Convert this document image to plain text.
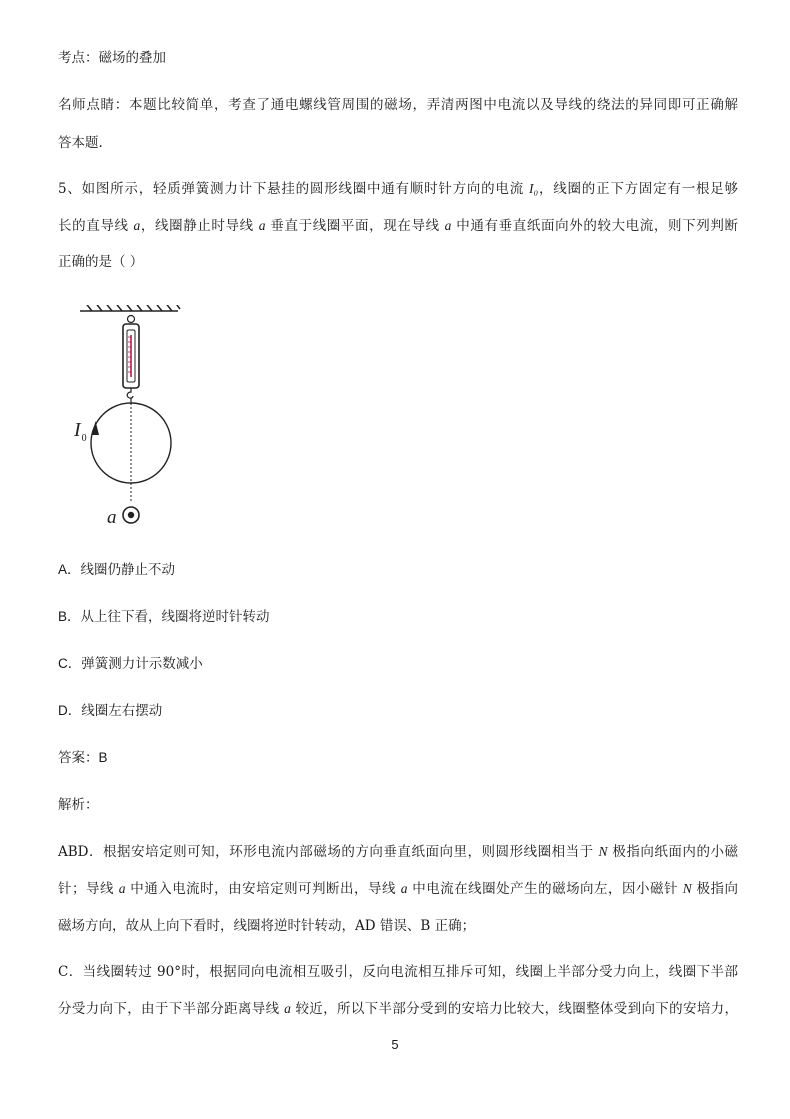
考点：磁场的叠加
名师点睛：本题比较简单，考查了通电螺线管周围的磁场，弄清两图中电流以及导线的绕法的异同即可正确解
答本题.
5、如图所示，轻质弹簧测力计下悬挂的圆形线圈中通有顺时针方向的电流 I₀，线圈的正下方固定有一根足够
长的直导线 a，线圈静止时导线 a 垂直于线圈平面，现在导线 a 中通有垂直纸面向外的较大电流，则下列判断
正确的是（ ）
$I_0$
a
A．线圈仍静止不动
B．从上往下看，线圈将逆时针转动
C．弹簧测力计示数减小
D．线圈左右摆动
答案：B
解析：
ABD．根据安培定则可知，环形电流内部磁场的方向垂直纸面向里，则圆形线圈相当于 N 极指向纸面内的小磁
针；导线 a 中通入电流时，由安培定则可判断出，导线 a 中电流在线圈处产生的磁场向左，因小磁针 N 极指向
磁场方向，故从上向下看时，线圈将逆时针转动，AD 错误、B 正确；
C．当线圈转过 90°时，根据同向电流相互吸引，反向电流相互排斥可知，线圈上半部分受力向上，线圈下半部
分受力向下，由于下半部分距离导线 a 较近，所以下半部分受到的安培力比较大，线圈整体受到向下的安培力，
5
